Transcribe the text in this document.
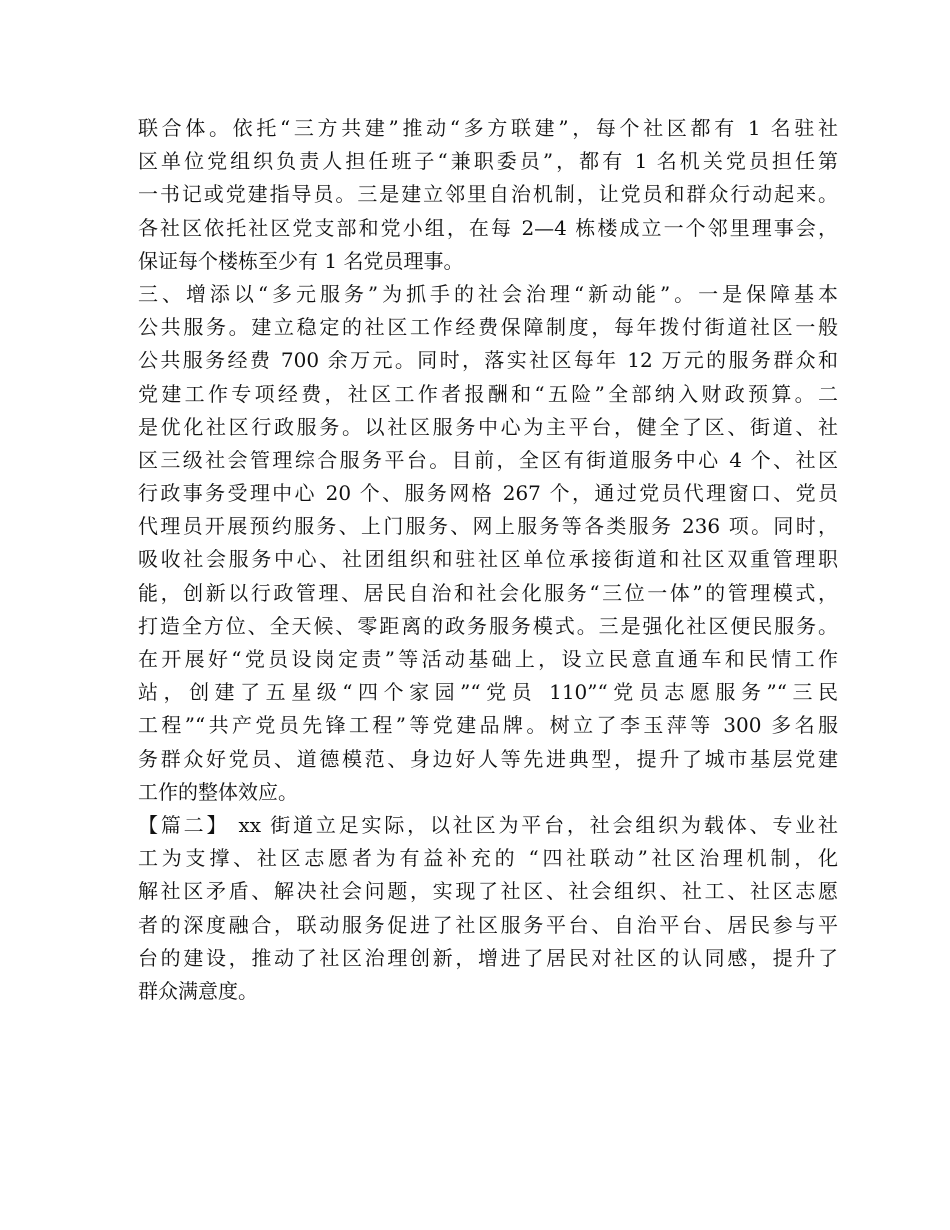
联合体。依托“三方共建”推动“多方联建”，每个社区都有 1 名驻社
区单位党组织负责人担任班子“兼职委员”，都有 1 名机关党员担任第
一书记或党建指导员。三是建立邻里自治机制，让党员和群众行动起来。
各社区依托社区党支部和党小组，在每 2—4 栋楼成立一个邻里理事会，
保证每个楼栋至少有 1 名党员理事。
三、增添以“多元服务”为抓手的社会治理“新动能”。一是保障基本
公共服务。建立稳定的社区工作经费保障制度，每年拨付街道社区一般
公共服务经费 700 余万元。同时，落实社区每年 12 万元的服务群众和
党建工作专项经费，社区工作者报酬和“五险”全部纳入财政预算。二
是优化社区行政服务。以社区服务中心为主平台，健全了区、街道、社
区三级社会管理综合服务平台。目前，全区有街道服务中心 4 个、社区
行政事务受理中心 20 个、服务网格 267 个，通过党员代理窗口、党员
代理员开展预约服务、上门服务、网上服务等各类服务 236 项。同时，
吸收社会服务中心、社团组织和驻社区单位承接街道和社区双重管理职
能，创新以行政管理、居民自治和社会化服务“三位一体”的管理模式，
打造全方位、全天候、零距离的政务服务模式。三是强化社区便民服务。
在开展好“党员设岗定责”等活动基础上，设立民意直通车和民情工作
站，创建了五星级“四个家园”“党员 110”“党员志愿服务”“三民
工程”“共产党员先锋工程”等党建品牌。树立了李玉萍等 300 多名服
务群众好党员、道德模范、身边好人等先进典型，提升了城市基层党建
工作的整体效应。
【篇二】 xx 街道立足实际，以社区为平台，社会组织为载体、专业社
工为支撑、社区志愿者为有益补充的 “四社联动”社区治理机制，化
解社区矛盾、解决社会问题，实现了社区、社会组织、社工、社区志愿
者的深度融合，联动服务促进了社区服务平台、自治平台、居民参与平
台的建设，推动了社区治理创新，增进了居民对社区的认同感，提升了
群众满意度。
